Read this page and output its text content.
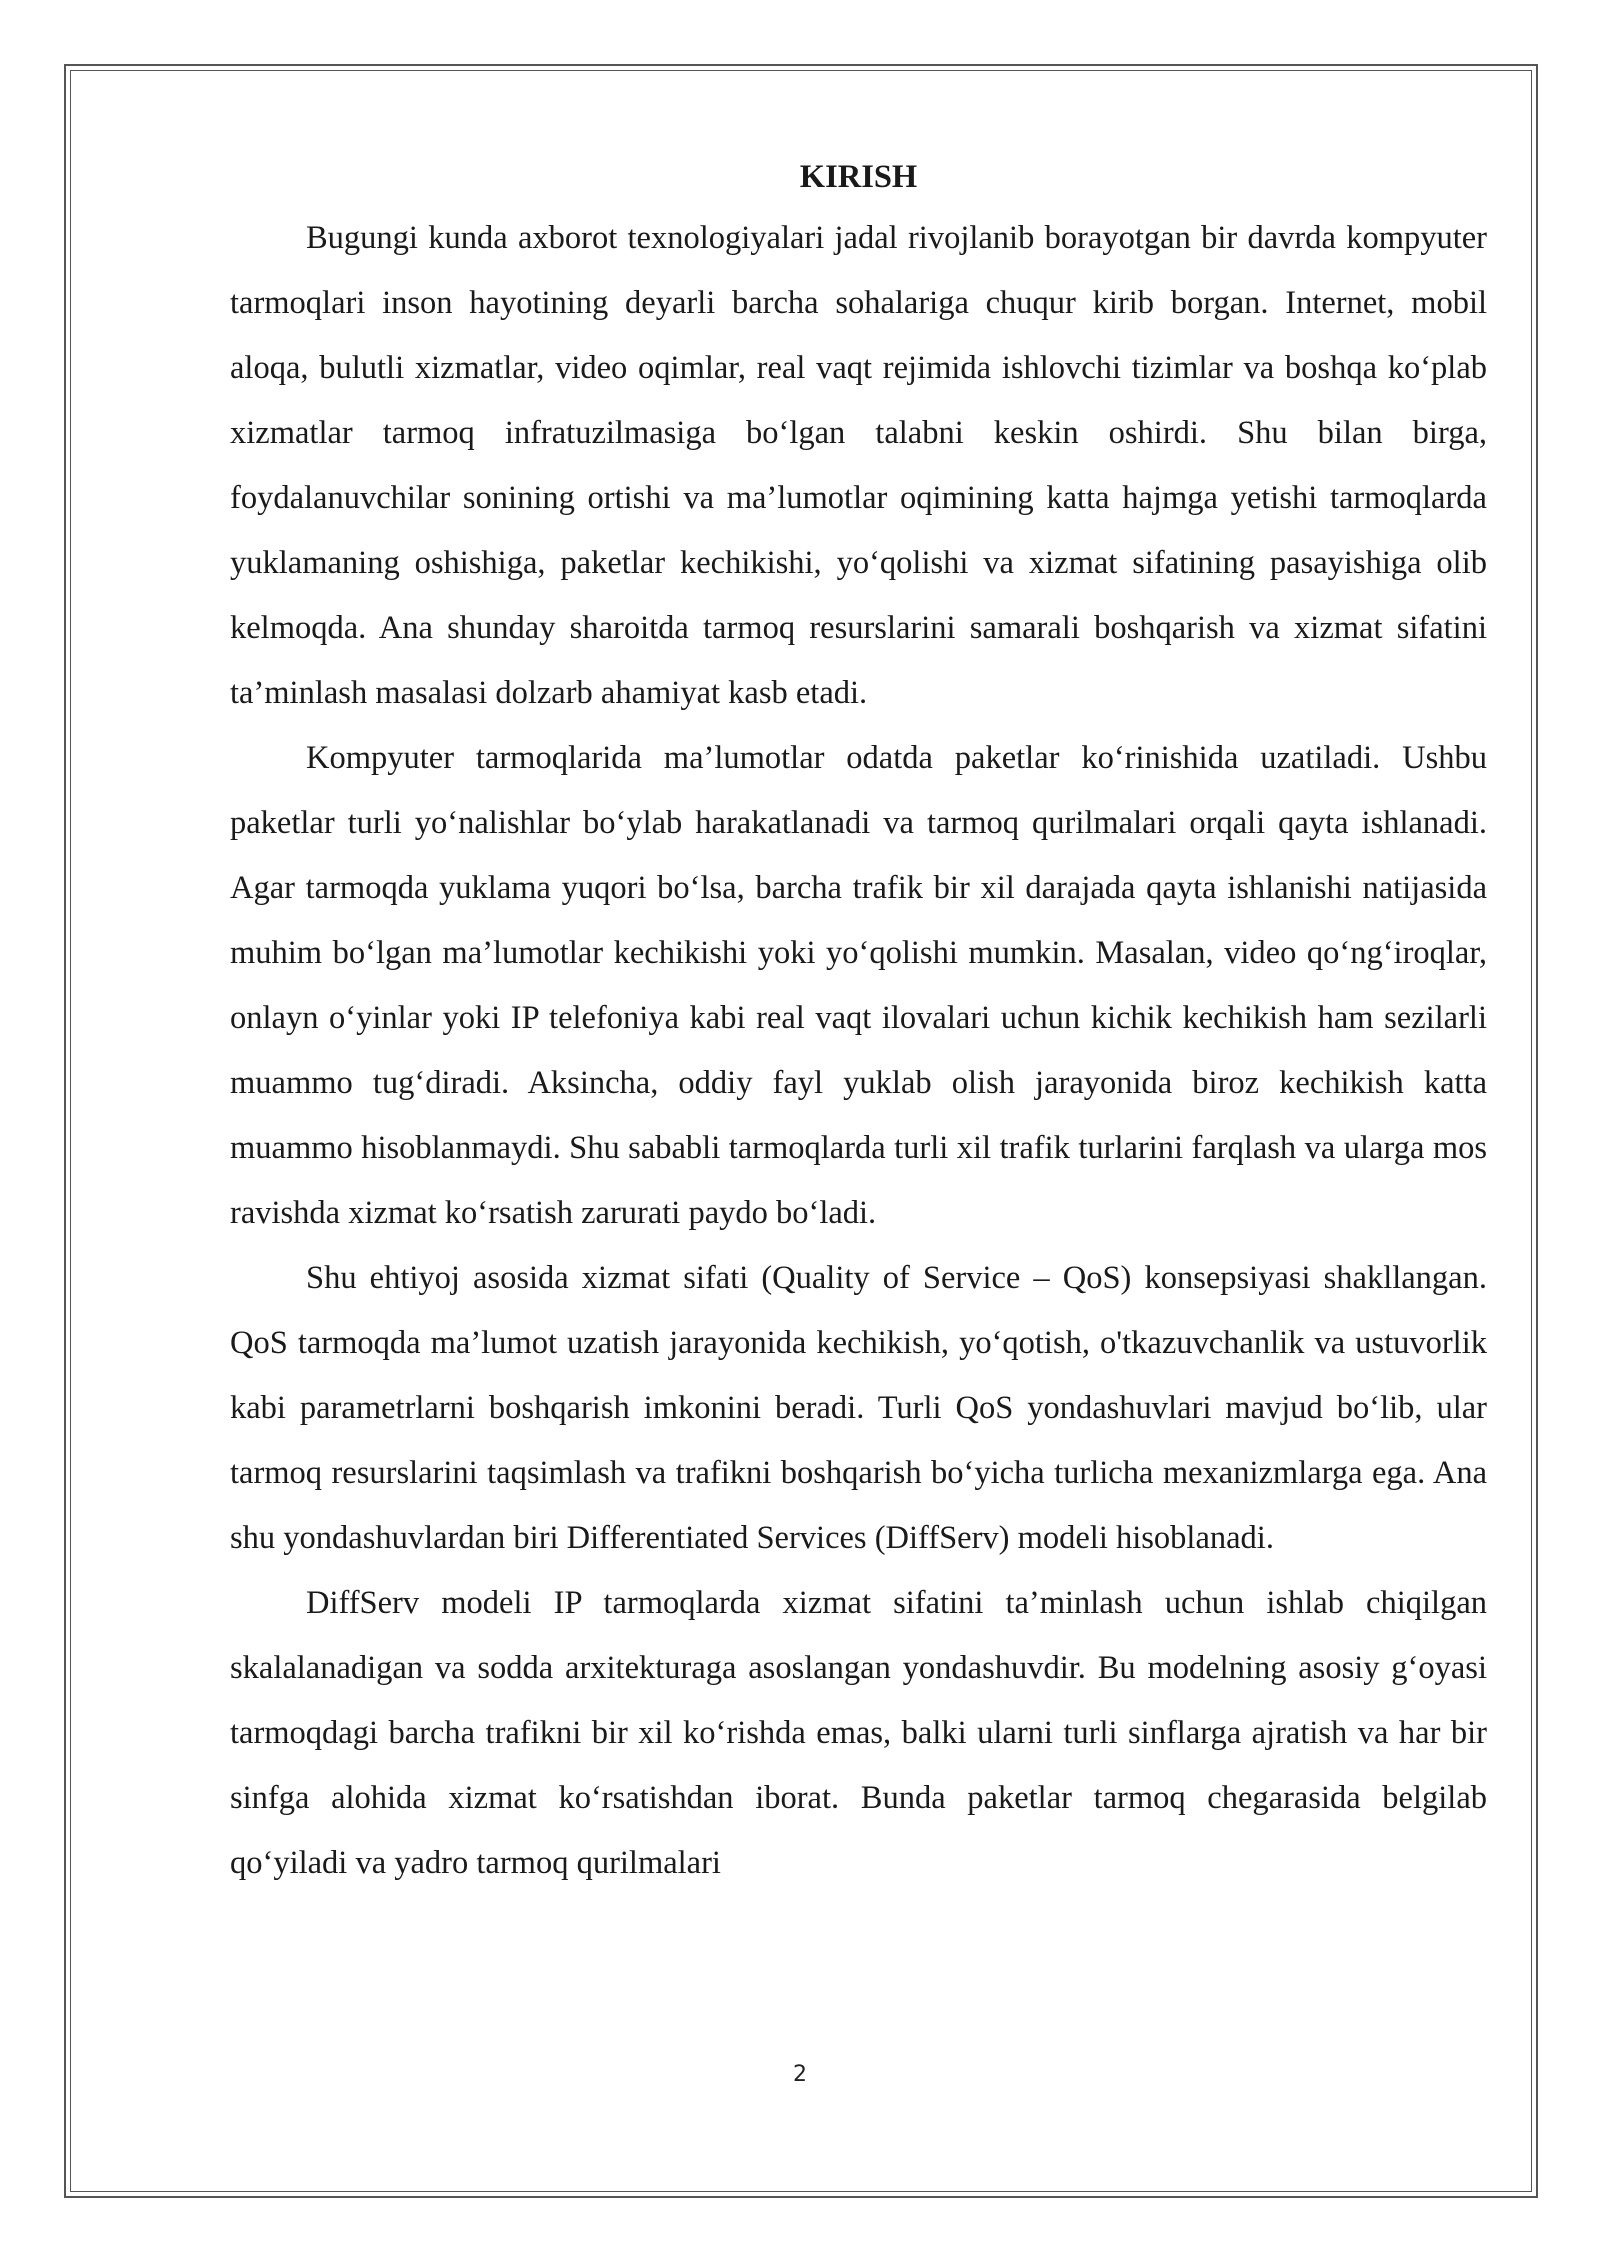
KIRISH

Bugungi kunda axborot texnologiyalari jadal rivojlanib borayotgan bir davrda kompyuter tarmoqlari inson hayotining deyarli barcha sohalariga chuqur kirib borgan. Internet, mobil aloqa, bulutli xizmatlar, video oqimlar, real vaqt rejimida ishlovchi tizimlar va boshqa ko‘plab xizmatlar tarmoq infratuzilmasiga bo‘lgan talabni keskin oshirdi. Shu bilan birga, foydalanuvchilar sonining ortishi va ma’lumotlar oqimining katta hajmga yetishi tarmoqlarda yuklamaning oshishiga, paketlar kechikishi, yo‘qolishi va xizmat sifatining pasayishiga olib kelmoqda. Ana shunday sharoitda tarmoq resurslarini samarali boshqarish va xizmat sifatini ta’minlash masalasi dolzarb ahamiyat kasb etadi.

Kompyuter tarmoqlarida ma’lumotlar odatda paketlar ko‘rinishida uzatiladi. Ushbu paketlar turli yo‘nalishlar bo‘ylab harakatlanadi va tarmoq qurilmalari orqali qayta ishlanadi. Agar tarmoqda yuklama yuqori bo‘lsa, barcha trafik bir xil darajada qayta ishlanishi natijasida muhim bo‘lgan ma’lumotlar kechikishi yoki yo‘qolishi mumkin. Masalan, video qo‘ng‘iroqlar, onlayn o‘yinlar yoki IP telefoniya kabi real vaqt ilovalari uchun kichik kechikish ham sezilarli muammo tug‘diradi. Aksincha, oddiy fayl yuklab olish jarayonida biroz kechikish katta muammo hisoblanmaydi. Shu sababli tarmoqlarda turli xil trafik turlarini farqlash va ularga mos ravishda xizmat ko‘rsatish zarurati paydo bo‘ladi.

Shu ehtiyoj asosida xizmat sifati (Quality of Service – QoS) konsepsiyasi shakllangan. QoS tarmoqda ma’lumot uzatish jarayonida kechikish, yo‘qotish, o'tkazuvchanlik va ustuvorlik kabi parametrlarni boshqarish imkonini beradi. Turli QoS yondashuvlari mavjud bo‘lib, ular tarmoq resurslarini taqsimlash va trafikni boshqarish bo‘yicha turlicha mexanizmlarga ega. Ana shu yondashuvlardan biri Differentiated Services (DiffServ) modeli hisoblanadi.

DiffServ modeli IP tarmoqlarda xizmat sifatini ta’minlash uchun ishlab chiqilgan skalalanadigan va sodda arxitekturaga asoslangan yondashuvdir. Bu modelning asosiy g‘oyasi tarmoqdagi barcha trafikni bir xil ko‘rishda emas, balki ularni turli sinflarga ajratish va har bir sinfga alohida xizmat ko‘rsatishdan iborat. Bunda paketlar tarmoq chegarasida belgilab qo‘yiladi va yadro tarmoq qurilmalari

2
